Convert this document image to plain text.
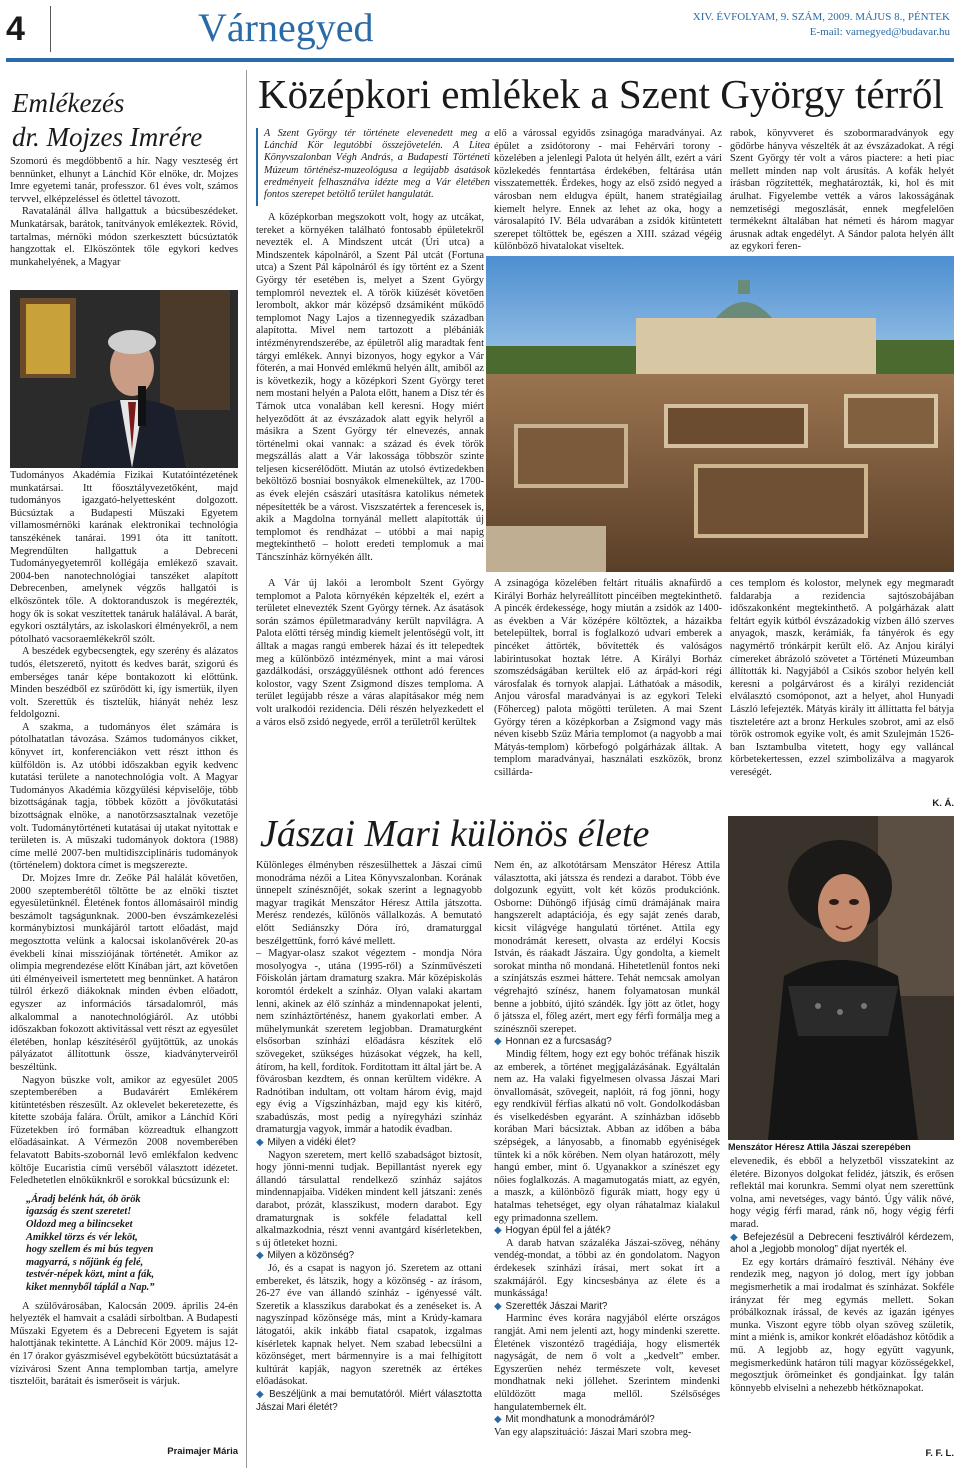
4	Várnegyed	XIV. ÉVFOLYAM, 9. SZÁM, 2009. MÁJUS 8., PÉNTEK
E-mail: varnegyed@budavar.hu
Emlékezés
dr. Mojzes Imrére

Szomorú és megdöbbentő a hír. Nagy veszteség ért bennünket, elhunyt a Lánchíd Kör elnöke, dr. Mojzes Imre egyetemi tanár, professzor. 61 éves volt, számos tervvel, elképzeléssel és ötlettel távozott.

Ravatalánál állva hallgattuk a búcsúbeszédeket. Munkatársak, barátok, tanítványok emlékeztek. Rövid, tartalmas, mérnöki módon szerkesztett búcsúztatók hangzottak el. Elköszöntek tőle egykori kedves munkahelyének, a Magyar

Tudományos Akadémia Fizikai Kutatóintézetének munkatársai. Itt főosztályvezetőként, majd tudományos igazgató-helyettesként dolgozott. Búcsúztak a Budapesti Műszaki Egyetem villamosmérnöki karának elektronikai technológia tanszékének tanárai. 1991 óta itt tanított. Megrendülten hallgattuk a Debreceni Tudományegyetemről kollégája emlékező szavait. 2004-ben nanotechnológiai tanszéket alapított Debrecenben, amelynek végzős hallgatói is elköszöntek tőle. A doktoranduszok is megérezték, hogy ők is sokat veszítettek tanáruk halálával. A barát, egykori osztálytárs, az iskolaskori élményekről, a nem pótolható vacsoraemlékekről szólt.

A beszédek egybecsengtek, egy szerény és alázatos tudós, életszerető, nyitott és kedves barát, szigorú és emberséges tanár képe bontakozott ki előttünk. Minden beszédből ez szűrődött ki, így ismertük, ilyen volt. Szerettük és tisztelük, hiányát nehéz lesz feldolgozni.

A szakma, a tudományos élet számára is pótolhatatlan távozása. Számos tudományos cikket, könyvet írt, konferenciákon vett részt itthon és külföldön is. Az utóbbi időszakban egyik kedvenc kutatási területe a nanotechnológia volt. A Magyar Tudományos Akadémia közgyűlési képviselője, több bizottságának tagja, többek között a jövőkutatási bizottságnak elnöke, a nanotörzsasztalnak vezetője volt. Tudománytörténeti kutatásai új utakat nyitottak e területen is. A műszaki tudományok doktora (1988) címe mellé 2007-ben multidiszciplináris tudományok (történelem) doktora címet is megszerezte.

Dr. Mojzes Imre dr. Zeőke Pál halálát követően, 2000 szeptemberétől töltötte be az elnöki tisztet egyesületünknél. Életének fontos állomásairól mindig beszámolt tagságunknak. 2000-ben évszámkezelési kormánybiztosi munkájáról tartott előadást, majd megosztotta velünk a kalocsai iskolanővérek 20-as évekbeli kínai missziójának történetét. Amikor az olimpia megrendezése előtt Kínában járt, azt követően úti élményeiveil ismertetett meg bennünket. A határon túlról érkező diákoknak minden évben előadott, egyszer az információs társadalomról, más alkalommal a nanotechnológiáról. Az utóbbi időszakban fokozott aktivitással vett részt az egyesület életében, honlap készítéséről gyűjtöttük, az unokás pályázatot állítottunk össze, kiadványterveiről beszéltünk.

Nagyon büszke volt, amikor az egyesület 2005 szeptemberében a Budavárért Emlékérem kitüntetésben részesült. Az oklevelet bekeretezette, és kitette szobája falára. Örült, amikor a Lánchíd Köri Füzetekben író formában közreadtuk elhangzott előadásainkat. A Vérmezőn 2008 novemberében felavatott Babits-szobornál levő emlékfalon kedvenc költője Eucaristia című verséből választott idézetet. Feledhetetlen elnöküknkről e sorokkal búcsúzunk el:

„Áradj belénk hát, ób örök
igazság és szent szeretet!
Oldozd meg a bilincseket
Amikkel törzs és vér leköt,
hogy szellem és mi bús tegyen
magyarrá, s nőjünk ég felé,
testvér-népek közt, mint a fák,
kiket mennyből táplál a Nap.”

A szülővárosában, Kalocsán 2009. április 24-én helyezték el hamvait a családi sírboltban. A Budapesti Műszaki Egyetem és a Debreceni Egyetem is saját halottjának tekintette. A Lánchíd Kör 2009. május 12-én 17 órakor gyászmisével egybekötött búcsúztatását a vízivárosi Szent Anna templomban tartja, amelyre tisztelőit, barátait és ismerőseit is várjuk.

Praimajer Mária
Középkori emlékek a Szent György térről
A Szent György tér története elevenedett meg a Lánchíd Kör legutóbbi összejövetelén. A Litea Könyvszalonban Végh András, a Budapesti Történeti Múzeum történész-muzeológusa a legújabb ásatások eredményeit felhasználva idézte meg a Vár életében fontos szerepet betöltő terület hangulatát.

A középkorban megszokott volt, hogy az utcákat, tereket a környéken található fontosabb épületekről nevezték el. A Mindszent utcát (Úri utca) a Mindszentek kápolnáról, a Szent Pál utcát (Fortuna utca) a Szent Pál kápolnáról és így történt ez a Szent György tér esetében is, melyet a Szent György templomról neveztek el. A török kiűzését követően lerombolt, akkor már középső dzsámiként működő templomot Nagy Lajos a tizennegyedik században alapította. Mivel nem tartozott a plébániák intézményrendszerébe, az épületről alig maradtak fent tárgyi emlékek. Annyi bizonyos, hogy egykor a Vár főterén, a mai Honvéd emlékmű helyén állt, amiből az is következik, hogy a középkori Szent György teret nem mostani helyén a Palota előtt, hanem a Dísz tér és Tárnok utca vonalában kell keresni. Hogy miért helyeződött át az évszázadok alatt egyik helyről a másikra a Szent György tér elnevezés, annak történelmi okai vannak: a század és évek török megszállás alatt a Vár lakossága többször szinte teljesen kicserélődött. Miután az utolsó évtizedekben beköltöző bosniai bosnyákok elmenekültek, az 1700-as évek elején császári utasításra katolikus németek népesítették be a várost. Viszszatértek a ferencesek is, akik a Magdolna tornyánál mellett alapították új templomot és rendházat – utóbbi a mai napig megtekinthető – holott eredeti templomuk a mai Táncszínház környékén állt.

elő a várossal egyidős zsinagóga maradványai. Az épület a zsidótorony - mai Fehérvári torony - közelében a jelenlegi Palota út helyén állt, ezért a vári közlekedés fenntartása érdekében, feltárása után visszatemették. Érdekes, hogy az első zsidó negyed a városban nem eldugva épült, hanem stratégiailag kiemelt helyre. Ennek az lehet az oka, hogy a városalapító IV. Béla udvarában a zsidók kitüntetett szerepet töltöttek be, egészen a XIII. század végéig különböző hivatalokat viseltek.

rabok, könyvveret és szobormaradványok egy gödörbe hányva vészelték át az évszázadokat. A régi Szent György tér volt a város piactere: a heti piac mellett minden nap volt árusítás. A kofák helyét írásban rögzítették, meghatározták, ki, hol és mit árulhat. Figyelembe vették a város lakosságának nemzetiségi megoszlását, ennek megfelelően termékeknt általában hat németi és három magyar árusnak adtak engedélyt. A Sándor palota helyén állt az egykori feren-

A Vár új lakói a lerombolt Szent György templomot a Palota környékén képzelték el, ezért a területet elnevezték Szent György térnek. Az ásatások során számos épületmaradvány került napvilágra. A Palota előtti térség mindig kiemelt jelentőségű volt, itt álltak a magas rangú emberek házai és itt telepedtek meg a különböző intézmények, mint a mai városi gazdálkodási, országgyűlésnek otthont adó ferences kolostor, vagy Szent Zsigmond díszes temploma. A terület legújabb része a váras alapításakor még nem volt uralkodói rezidencia. Déli részén helyezkedett el a város első zsidó negyede, erről a területről kerültek

A zsinagóga közelében feltárt rituális aknafürdő a Királyi Borház helyreállított pincéiben megtekinthető. A pincék érdekessége, hogy miután a zsidók az 1400-as években a Vár középére költöztek, a házaikba betelepültek, borral is foglalkozó udvari emberek a pincéket áttörték, bővítették és valóságos labirintusokat hoztak létre. A Királyi Borház szomszédságában kerültek elő az árpád-kori régi városfalak és tornyok alapjai. Láthatóak a második, Anjou városfal maradványai is az egykori Teleki (Főherceg) palota mögötti területen. A mai Szent György téren a középkorban a Zsigmond vagy más néven kisebb Szűz Mária templomot (a nagyobb a mai Mátyás-templom) körbefogó polgárházak álltak. A templom maradványai, használati eszközök, bronz csillárda-

ces templom és kolostor, melynek egy megmaradt faldarabja a rezidencia sajtószobájában időszakonként megtekinthető. A polgárházak alatt feltárt egyik kútból évszázadokig vízben álló szerves anyagok, maszk, kerámiák, fa tányérok és egy nagymértő trónkárpit került elő. Az Anjou királyi címereket ábrázoló szövetet a Történeti Múzeumban állították ki. Nagyjából a Csikós szobor helyén kell keresni a polgárvárost és a királyi rezidenciát elválasztó csomóponot, azt a helyet, ahol Hunyadi László lefejezték. Mátyás király itt állíttatta fel bátyja tiszteletére azt a bronz Herkules szobrot, ami az első török ostromok egyike volt, és amit Szulejmán 1526-ban Isztambulba vitetett, hogy egy valláncal körbetekertessen, ezzel szimbolizálva a magyarok vereségét.

K. Á.
Jászai Mari különös élete

Különleges élményben részesülhettek a Jászai című monodráma nézői a Litea Könyvszalonban. Korának ünnepelt színésznőjét, sokak szerint a legnagyobb magyar tragikát Menszátor Héresz Attila játszotta. Merész rendezés, különös vállalkozás. A bemutató előtt Sediánszky Dóra író, dramaturggal beszélgettünk, forró kávé mellett.
– Magyar-olasz szakot végeztem - mondja Nóra mosolyogva -, utána (1995-ről) a Színművészeti Főiskolán jártam dramaturg szakra. Már középiskolás koromtól érdekelt a színház. Olyan valaki akartam lenni, akinek az élő színház a mindennapokat jelenti, nem színháztörténész, hanem gyakorlati ember. A műhelymunkát szeretem legjobban. Dramaturgként elsősorban színházi előadásra készítek elő szövegeket, szükséges húzásokat végzek, ha kell, átírom, ha kell, fordítok. Forditottam itt által járt be. A fővárosban kezdtem, és onnan kerültem vidékre. A Radnótiban indultam, ott voltam három évig, majd egy évig a Vígszínházban, majd egy kis kitérő, szabadúszás, most pedig a nyíregyházi színház dramaturgja vagyok, immár a hatodik évadban.

◆ Milyen a vidéki élet?

Nagyon szeretem, mert kellő szabadságot biztosít, hogy jönni-menni tudjak. Bepillantást nyerek egy állandó társulattal rendelkező színház sajátos mindennapjaiba. Vidéken mindent kell játszani: zenés darabot, prózát, klasszikust, modern darabot. Egy dramaturgnak is sokféle feladattal kell alkalmazkodnia, részt venni avantgárd kísérletekben, s új ötleteket hozni.

◆ Milyen a közönség?

Jó, és a csapat is nagyon jó. Szeretem az ottani embereket, és látszik, hogy a közönség - az írásom, 26-27 éve van állandó színház - igényessé vált. Szeretik a klasszikus darabokat és a zenéseket is. A nagyszínpad közönsége más, mint a Krúdy-kamara látogatói, akik inkább fiatal csapatok, izgalmas kísérletek kapnak helyet. Nem szabad lebecsülni a közönséget, mert bármennyire is a mai felhígított kultúrát kapják, nagyon szeretnék az értékes előadásokat.

◆ Beszéljünk a mai bemutatóról. Miért választotta Jászai Mari életét?

Nem én, az alkotótársam Menszátor Héresz Attila választotta, aki játssza és rendezi a darabot. Több éve dolgozunk együtt, volt két közös produkciónk. Osborne: Dühöngő ifjúság című drámájának maira hangszerelt adaptációja, és egy saját zenés darab, kicsit világvége hangulatú történet. Attila egy monodrámát keresett, olvasta az erdélyi Kocsis István, és ráakadt Jászaira. Úgy gondolta, a kiemelt sorokat mintha nő mondaná. Hihetetlenül fontos neki a színjátszás eszmei háttere. Tehát nemcsak amolyan végrehajtó színész, hanem folyamatosan munkál benne a jobbító, újító szándék. Így jött az ötlet, hogy ő játssza el, főleg azért, mert egy férfi formálja meg a színésznői szerepet.

◆ Honnan ez a furcsaság?

Mindig féltem, hogy ezt egy bohóc tréfának hiszik az emberek, a történet megjgalázásának. Egyáltalán nem az. Ha valaki figyelmesen olvassa Jászai Mari önvallomását, szövegeit, naplóit, rá fog jönni, hogy egy rendkívül férfias alkatú nő volt. Gondolkodásban és viselkedésben egyaránt. A színházban idősebb korában Mari bácsiztak. Abban az időben a bába szépségek, a lányosabb, a finomabb egyéniségek tűntek ki a nők körében. Nem olyan határozott, mély hangú ember, mint ő. Ugyanakkor a színészet egy nőies foglalkozás. A magamutogatás miatt, az egyén, a maszk, a különböző figurák miatt, hogy egy ú hatalmas tehetséget, egy olyan ráhatalmaz kialakul egy primadonna szellem.

◆ Hogyan épül fel a játék?

A darab hatvan százaléka Jászai-szöveg, néhány vendég-mondat, a többi az én gondolatom. Nagyon érdekesek színházi írásai, mert sokat írt a szakmájáról. Egy kincsesbánya az élete és a munkássága!

◆ Szerették Jászai Marit?

Harminc éves korára nagyjából elérte országos rangját. Ami nem jelenti azt, hogy mindenki szerette. Életének viszontéző tragédiája, hogy elismerték nagyságát, de nem ő volt a „kedvelt” ember. Egyszerűen nehéz természete volt, keveset mondhatnak neki jóllehet. Szerintem mindenki elüldözött maga mellől. Szélsőséges hangulatembernek élt.

◆ Mit mondhatunk a monodrámáról?

Van egy alapszituáció: Jászai Mari szobra meg-

Menszátor Héresz Attila Jászai szerepében

elevenedik, és ebből a helyzetből visszatekint az életére. Bizonyos dolgokat felidéz, játszik, és erősen reflektál mai korunkra. Semmi olyat nem szerettünk volna, ami nevetséges, vagy bántó. Úgy válik nővé, hogy végig férfi marad, ránk nő, hogy végig férfi marad.

◆ Befejezésül a Debreceni fesztiválról kérdezem, ahol a „legjobb monolog” díjat nyerték el.

Ez egy kortárs drámaíró fesztivál. Néhány éve rendezik meg, nagyon jó dolog, mert így jobban megismerhetik a mai irodalmat és színházat. Sokféle irányzat fér meg egymás mellett. Sokan próbálkoznak írással, de kevés az igazán igényes munka. Viszont egyre több olyan szöveg születik, mint a miénk is, amikor konkrét előadáshoz kötődik a mű. A legjobb az, hogy együtt vagyunk, megismerkedünk határon túli magyar közösségekkel, megosztjuk örömeinket és gondjainkat. Így talán könnyebb elviselni a nehezebb hétköznapokat.

F. F. L.
